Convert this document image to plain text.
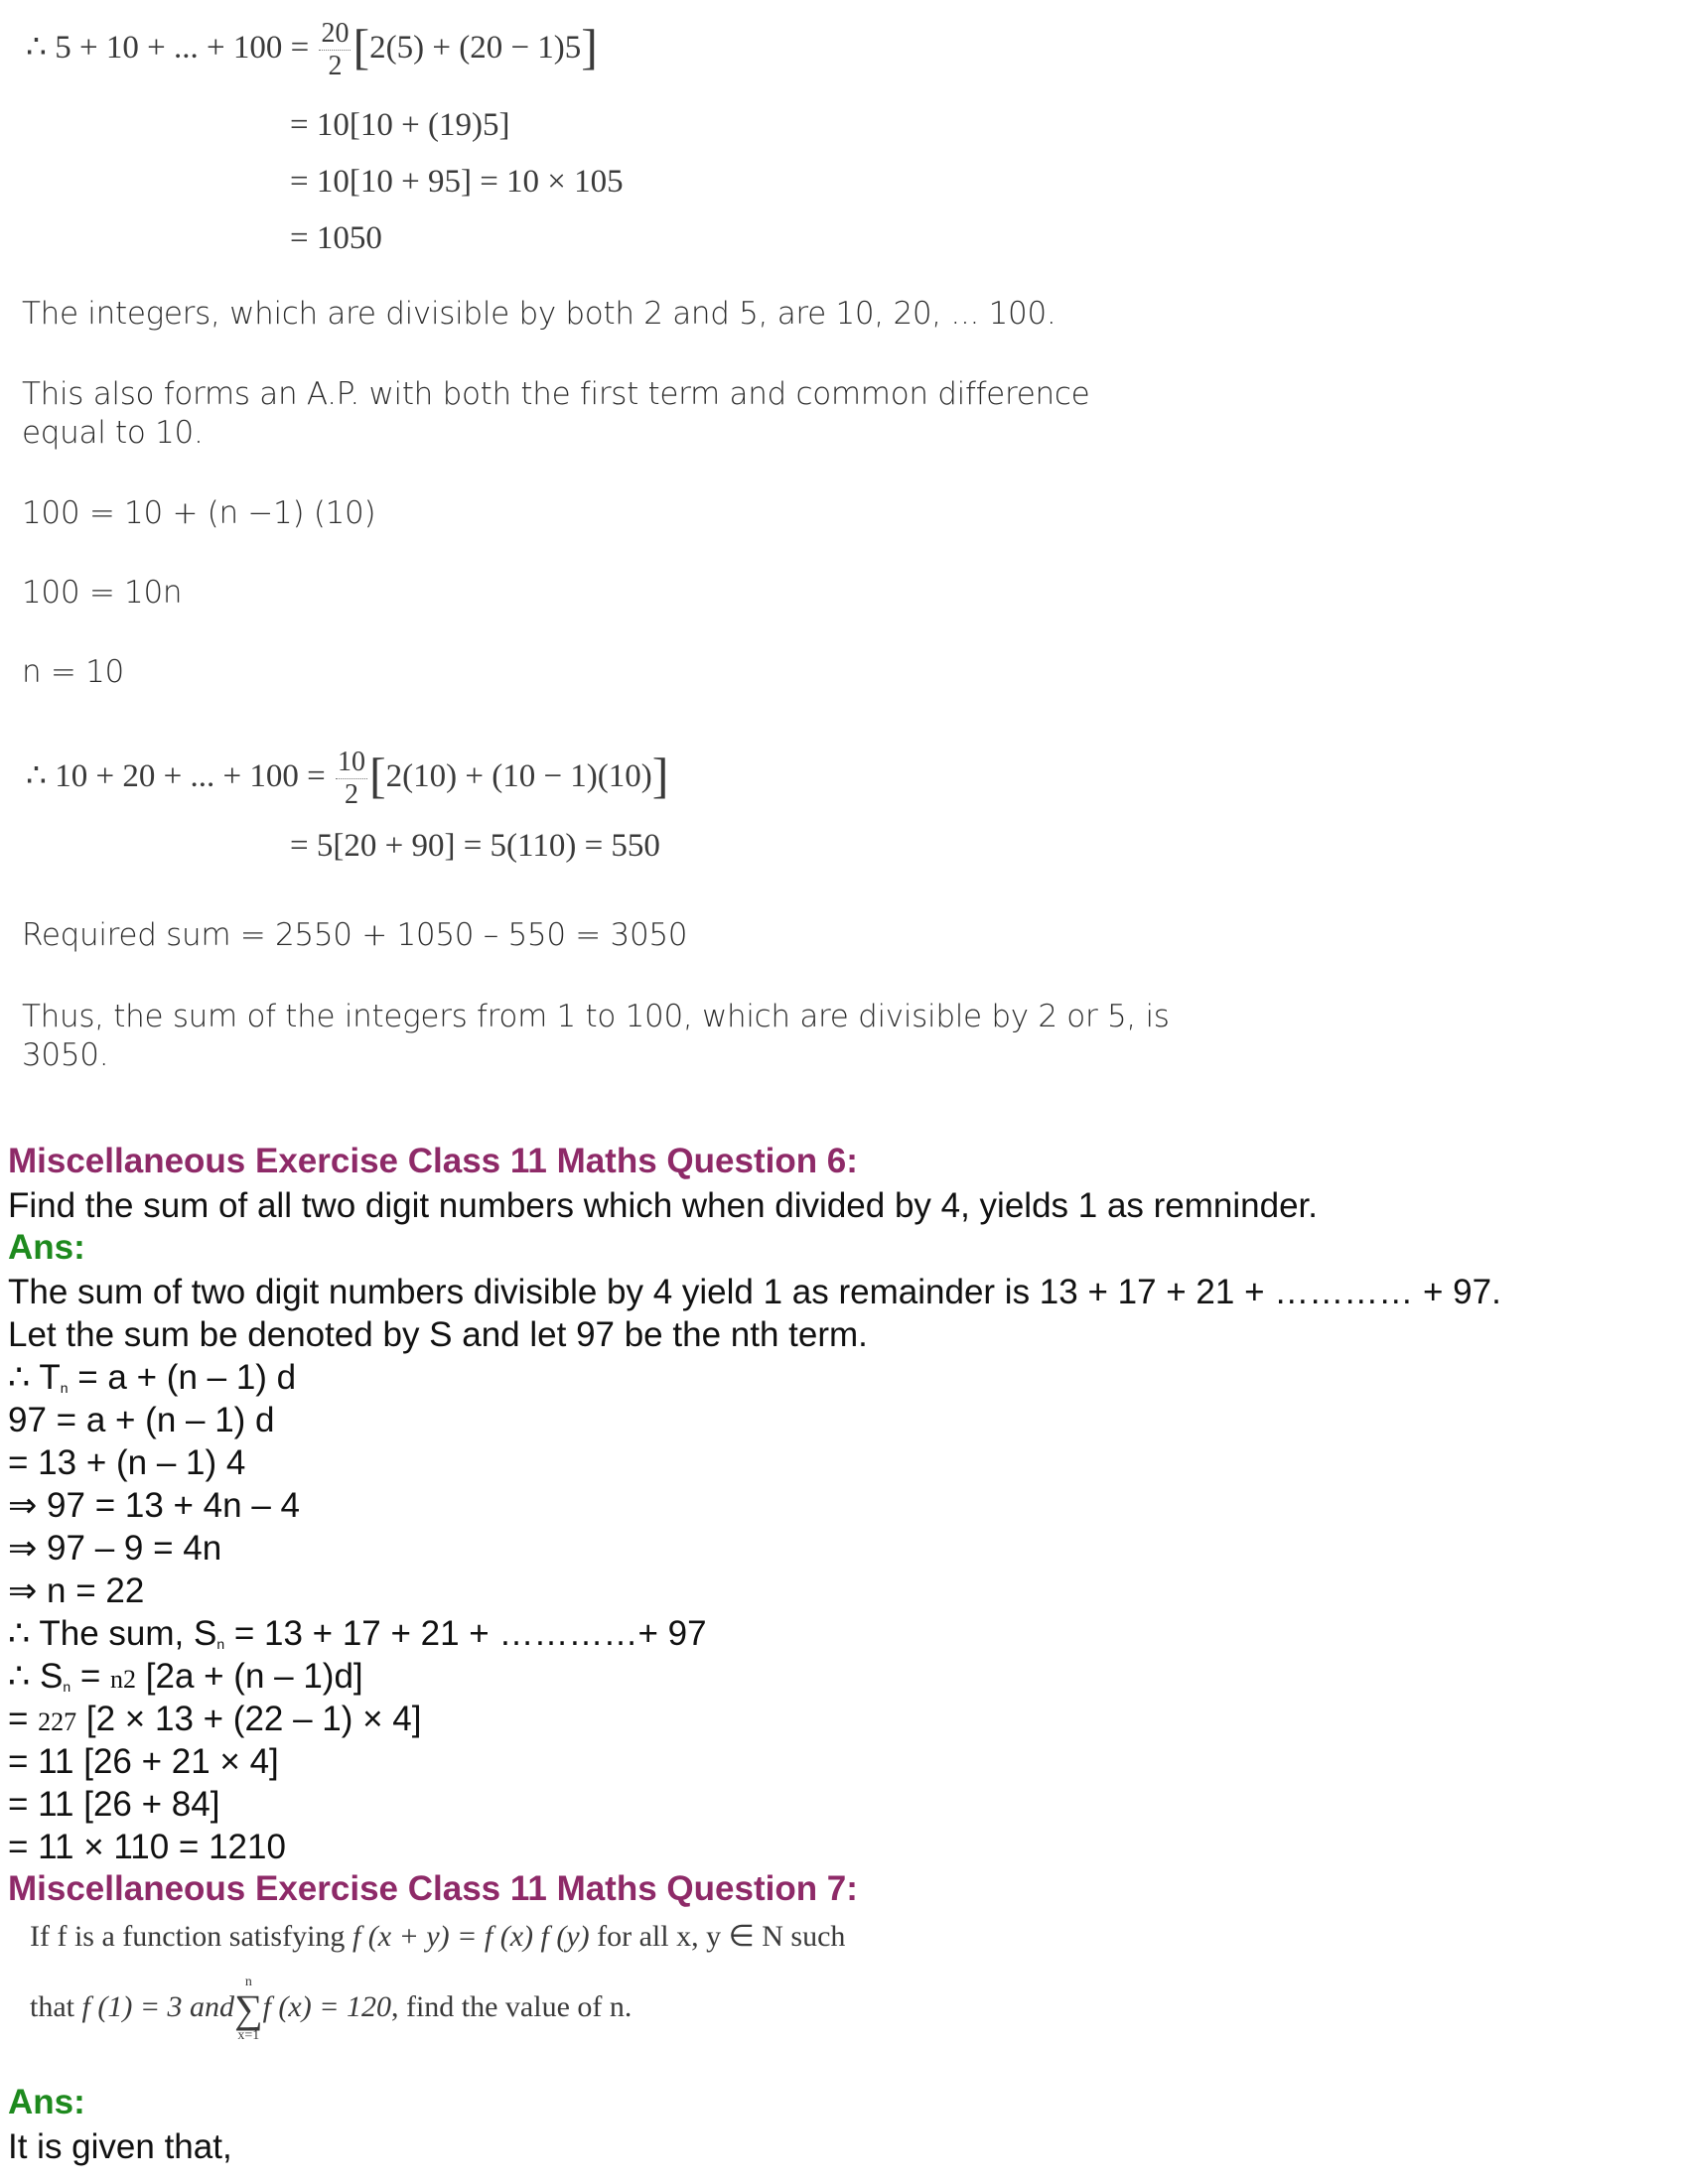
∴ 5 + 10 + ... + $100 = \frac{20}{2} [2(5) + (20 - 1)5]$
= 10[10 + (19)5]
= 10[10 + 95] = 10 × 105
= 1050
The integers, which are divisible by both 2 and 5, are 10, 20, ... 100.
This also forms an A.P. with both the first term and common difference
equal to 10.
100 = 10 + (n −1) (10)
100 = 10n
n = 10
∴ 10 + 20 + ... + $100 = \frac{10}{2} [2(10) + (10 - 1)(10)]$
= 5[20 + 90] = 5(110) = 550
Required sum = 2550 + 1050 – 550 = 3050
Thus, the sum of the integers from 1 to 100, which are divisible by 2 or 5, is
3050.
Miscellaneous Exercise Class 11 Maths Question 6:
Find the sum of all two digit numbers which when divided by 4, yields 1 as remninder.
Ans:
The sum of two digit numbers divisible by 4 yield 1 as remainder is 13 + 17 + 21 + ………… + 97.
Let the sum be denoted by S and let 97 be the nth term.
∴ $T_n = a + (n - 1)$ d
97 = a + (n – 1) d
= 13 + (n – 1) 4
⇒ 97 = 13 + 4n – 4
⇒ 97 – 9 = 4n
⇒ n = 22
∴ The sum, $S_n = 13 + 17 + 21$ + …………+ 97
∴ $S_n = n2$ [2a + (n – 1)d]
= 227 [2 × 13 + (22 – 1) × 4]
= 11 [26 + 21 × 4]
= 11 [26 + 84]
= 11 × 110 = 1210
Miscellaneous Exercise Class 11 Maths Question 7:
If f is a function satisfying f (x + y) = f (x) f (y) for all x, y ∈ N such
that f (1) = 3 and
n
∑
x=1
f (x) = 120, find the value of n.
Ans:
It is given that,
